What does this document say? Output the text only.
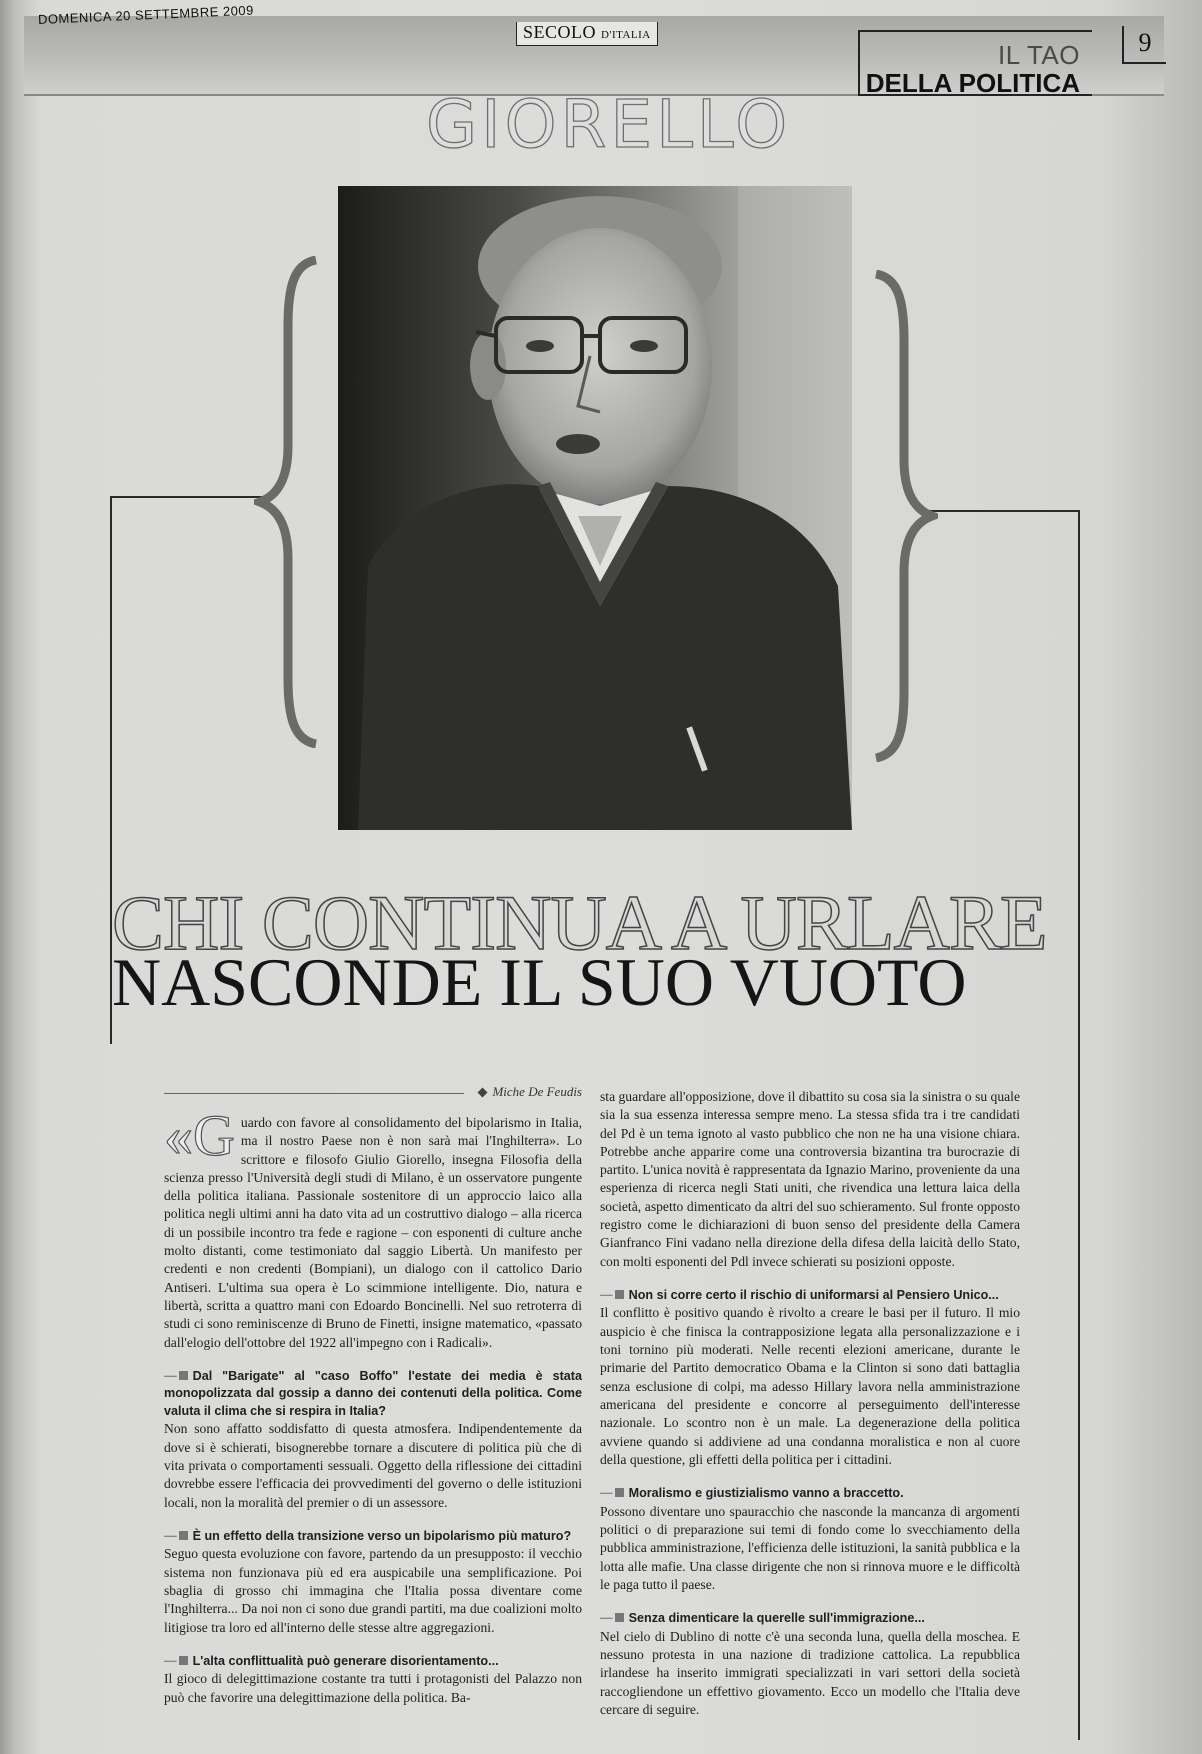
DOMENICA 20 SETTEMBRE 2009
SECOLO D'ITALIA
IL TAO
DELLA POLITICA
9
GIORELLO
CHI CONTINUA A URLARE
NASCONDE IL SUO VUOTO
Miche De Feudis

«Guardo con favore al consolidamento del bipolarismo in Italia, ma il nostro Paese non è non sarà mai l'Inghilterra». Lo scrittore e filosofo Giulio Giorello, insegna Filosofia della scienza presso l'Università degli studi di Milano, è un osservatore pungente della politica italiana. Passionale sostenitore di un approccio laico alla politica negli ultimi anni ha dato vita ad un costruttivo dialogo – alla ricerca di un possibile incontro tra fede e ragione – con esponenti di culture anche molto distanti, come testimoniato dal saggio Libertà. Un manifesto per credenti e non credenti (Bompiani), un dialogo con il cattolico Dario Antiseri. L'ultima sua opera è Lo scimmione intelligente. Dio, natura e libertà, scritta a quattro mani con Edoardo Boncinelli. Nel suo retroterra di studi ci sono reminiscenze di Bruno de Finetti, insigne matematico, «passato dall'elogio dell'ottobre del 1922 all'impegno con i Radicali».

— Dal "Barigate" al "caso Boffo" l'estate dei media è stata monopolizzata dal gossip a danno dei contenuti della politica. Come valuta il clima che si respira in Italia?

Non sono affatto soddisfatto di questa atmosfera. Indipendentemente da dove si è schierati, bisognerebbe tornare a discutere di politica più che di vita privata o comportamenti sessuali. Oggetto della riflessione dei cittadini dovrebbe essere l'efficacia dei provvedimenti del governo o delle istituzioni locali, non la moralità del premier o di un assessore.

— È un effetto della transizione verso un bipolarismo più maturo?

Seguo questa evoluzione con favore, partendo da un presupposto: il vecchio sistema non funzionava più ed era auspicabile una semplificazione. Poi sbaglia di grosso chi immagina che l'Italia possa diventare come l'Inghilterra... Da noi non ci sono due grandi partiti, ma due coalizioni molto litigiose tra loro ed all'interno delle stesse altre aggregazioni.

— L'alta conflittualità può generare disorientamento...

Il gioco di delegittimazione costante tra tutti i protagonisti del Palazzo non può che favorire una delegittimazione della politica. Ba-

sta guardare all'opposizione, dove il dibattito su cosa sia la sinistra o su quale sia la sua essenza interessa sempre meno. La stessa sfida tra i tre candidati del Pd è un tema ignoto al vasto pubblico che non ne ha una visione chiara. Potrebbe anche apparire come una controversia bizantina tra burocrazie di partito. L'unica novità è rappresentata da Ignazio Marino, proveniente da una esperienza di ricerca negli Stati uniti, che rivendica una lettura laica della società, aspetto dimenticato da altri del suo schieramento. Sul fronte opposto registro come le dichiarazioni di buon senso del presidente della Camera Gianfranco Fini vadano nella direzione della difesa della laicità dello Stato, con molti esponenti del Pdl invece schierati su posizioni opposte.

— Non si corre certo il rischio di uniformarsi al Pensiero Unico...

Il conflitto è positivo quando è rivolto a creare le basi per il futuro. Il mio auspicio è che finisca la contrapposizione legata alla personalizzazione e i toni tornino più moderati. Nelle recenti elezioni americane, durante le primarie del Partito democratico Obama e la Clinton si sono dati battaglia senza esclusione di colpi, ma adesso Hillary lavora nella amministrazione americana del presidente e concorre al perseguimento dell'interesse nazionale. Lo scontro non è un male. La degenerazione della politica avviene quando si addiviene ad una condanna moralistica e non al cuore della questione, gli effetti della politica per i cittadini.

— Moralismo e giustizialismo vanno a braccetto.

Possono diventare uno spauracchio che nasconde la mancanza di argomenti politici o di preparazione sui temi di fondo come lo svecchiamento della pubblica amministrazione, l'efficienza delle istituzioni, la sanità pubblica e la lotta alle mafie. Una classe dirigente che non si rinnova muore e le difficoltà le paga tutto il paese.

— Senza dimenticare la querelle sull'immigrazione...

Nel cielo di Dublino di notte c'è una seconda luna, quella della moschea. E nessuno protesta in una nazione di tradizione cattolica. La repubblica irlandese ha inserito immigrati specializzati in vari settori della società raccogliendone un effettivo giovamento. Ecco un modello che l'Italia deve cercare di seguire.
